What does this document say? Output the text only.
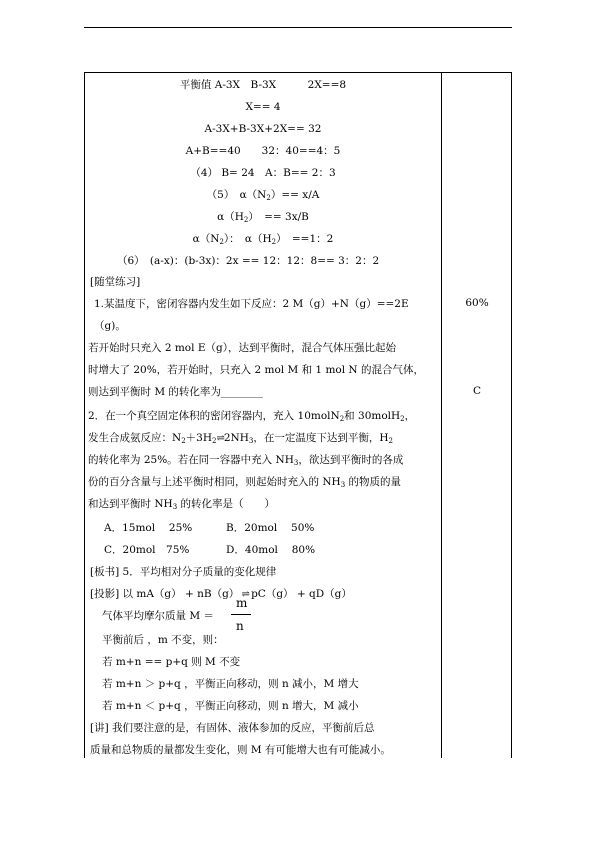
平衡值 A-3X　B-3X　　　2X==8
X== 4
A-3X+B-3X+2X== 32
A+B==40　　32：40==4：5
（4） B= 24　A：B== 2：3
（5）　$\alpha(N_2)== x/A$
$\alpha(H_2)$　== 3x/B
$\alpha(N_2)$：　$\alpha(H_2)$　==1：2
（6）　(a-x)：(b-3x)：2x == 12：12：8== 3：2：2
[随堂练习]
1.某温度下，密闭容器内发生如下反应：2 M（g）+N（g）==2E
（g)。
若开始时只充入 2 mol E（g），达到平衡时，混合气体压强比起始
时增大了 20%，若开始时，只充入 2 mol M 和 1 mol N 的混合气体，
则达到平衡时 M 的转化率为________
2．在一个真空固定体积的密闭容器内，充入 10molN$_2$和 30molH$_2$，
发生合成氨反应：$N_2+3H_2\rightleftharpoons 2NH_3$，在一定温度下达到平衡，$H_2$
的转化率为 25%。若在同一容器中充入 $NH_3$，欲达到平衡时的各成
份的百分含量与上述平衡时相同，则起始时充入的 $NH_3$ 的物质的量
和达到平衡时 $NH_3$ 的转化率是（　　）
A．15mol　 25%	B．20mol　 50%
C．20mol　75%	D．40mol　 80%
[板书] 5．平均相对分子质量的变化规律
[投影] 以 mA（g） + nB（g） ⇌ pC（g） + qD（g）
气体平均摩尔质量 M ＝
m
n
平衡前后 ，m 不变，则：
若 m+n == p+q 则 M 不变
若 m+n ＞ p+q ，平衡正向移动，则 n 减小，M 增大
若 m+n ＜ p+q ，平衡正向移动，则 n 增大，M 减小
[讲] 我们要注意的是，有固体、液体参加的反应，平衡前后总
质量和总物质的量都发生变化，则 M 有可能增大也有可能减小。
60%
C
